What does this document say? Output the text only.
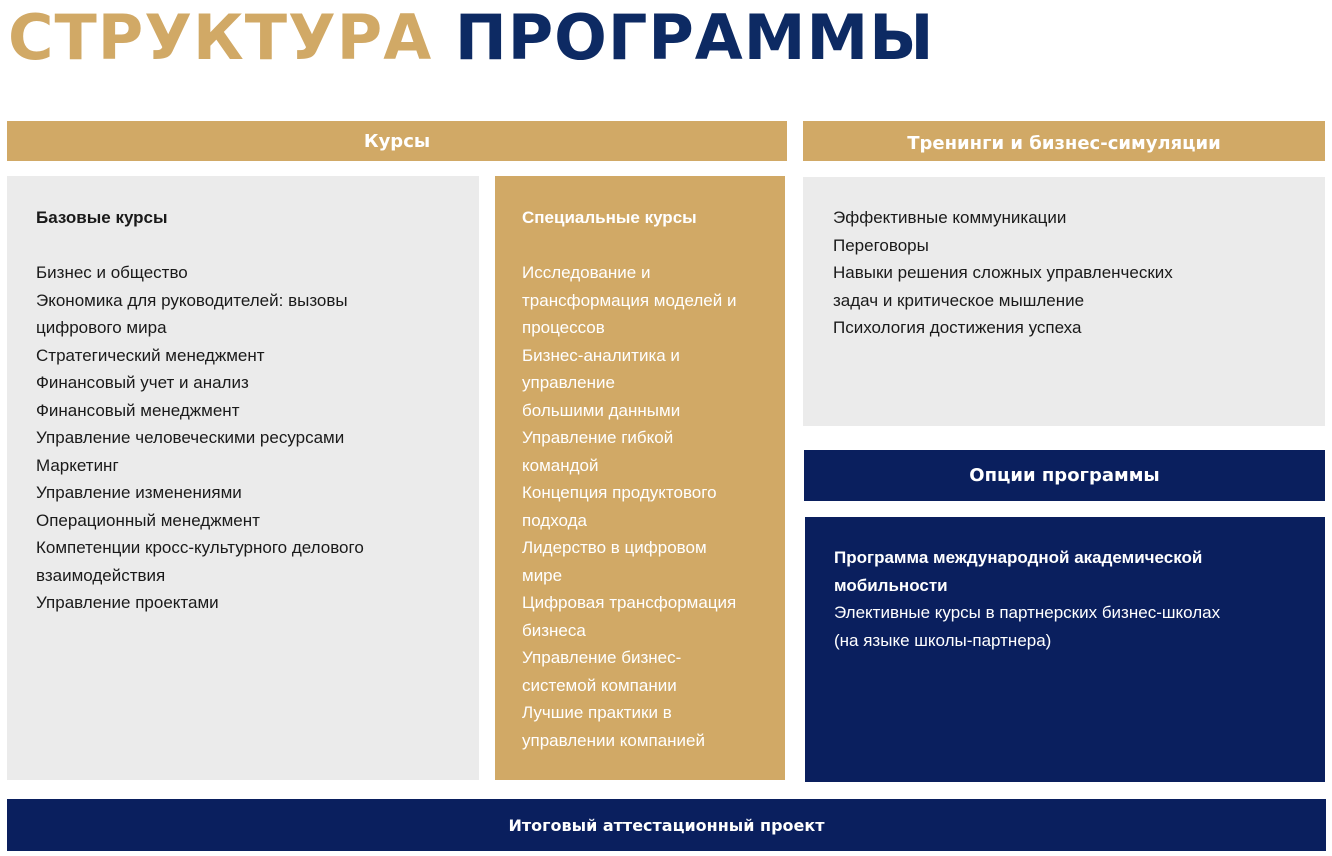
СТРУКТУРА ПРОГРАММЫ
Курсы
Базовые курсы
Бизнес и общество
Экономика для руководителей: вызовы
цифрового мира
Стратегический менеджмент
Финансовый учет и анализ
Финансовый менеджмент
Управление человеческими ресурсами
Маркетинг
Управление изменениями
Операционный менеджмент
Компетенции кросс-культурного делового
взаимодействия
Управление проектами
Специальные курсы
Исследование и
трансформация моделей и
процессов
Бизнес-аналитика и
управление
большими данными
Управление гибкой
командой
Концепция продуктового
подхода
Лидерство в цифровом
мире
Цифровая трансформация
бизнеса
Управление бизнес-
системой компании
Лучшие практики в
управлении компанией
Тренинги и бизнес-симуляции
Эффективные коммуникации
Переговоры
Навыки решения сложных управленческих
задач и критическое мышление
Психология достижения успеха
Опции программы
Программа международной академической
мобильности
Элективные курсы в партнерских бизнес-школах
(на языке школы-партнера)
Итоговый аттестационный проект
